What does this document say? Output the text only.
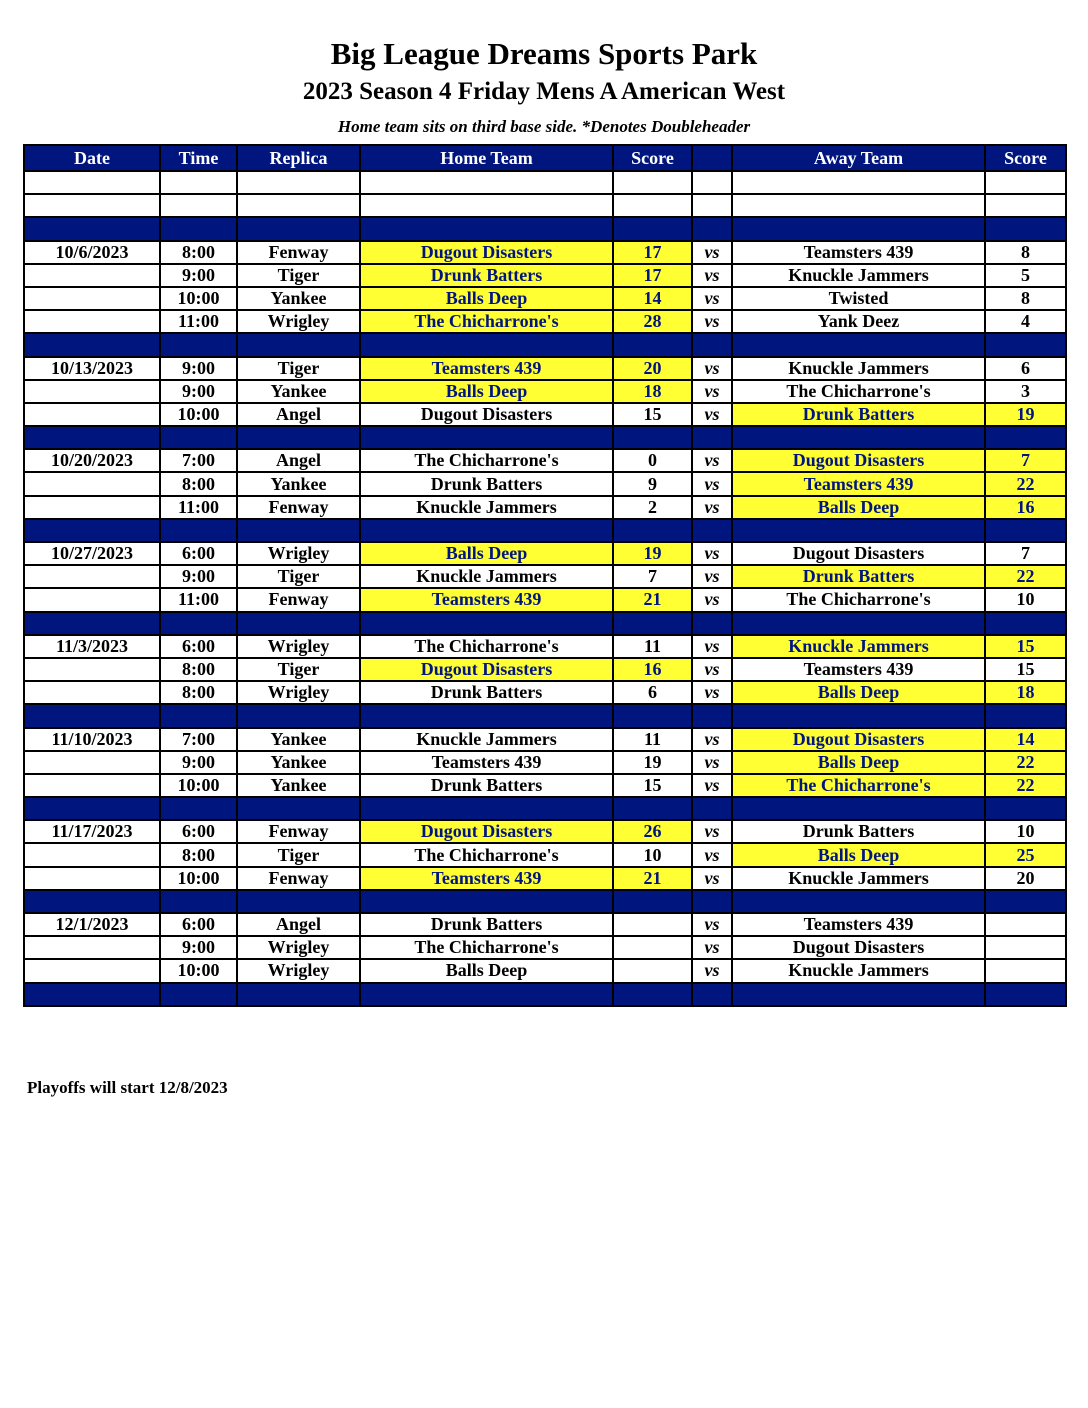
Big League Dreams Sports Park
2023 Season 4 Friday Mens A American West
Home team sits on third base side. *Denotes Doubleheader
Date	Time	Replica	Home Team	Score		Away Team	Score

10/6/2023	8:00	Fenway	Dugout Disasters	17	vs	Teamsters 439	8
	9:00	Tiger	Drunk Batters	17	vs	Knuckle Jammers	5
	10:00	Yankee	Balls Deep	14	vs	Twisted	8
	11:00	Wrigley	The Chicharrone's	28	vs	Yank Deez	4

10/13/2023	9:00	Tiger	Teamsters 439	20	vs	Knuckle Jammers	6
	9:00	Yankee	Balls Deep	18	vs	The Chicharrone's	3
	10:00	Angel	Dugout Disasters	15	vs	Drunk Batters	19

10/20/2023	7:00	Angel	The Chicharrone's	0	vs	Dugout Disasters	7
	8:00	Yankee	Drunk Batters	9	vs	Teamsters 439	22
	11:00	Fenway	Knuckle Jammers	2	vs	Balls Deep	16

10/27/2023	6:00	Wrigley	Balls Deep	19	vs	Dugout Disasters	7
	9:00	Tiger	Knuckle Jammers	7	vs	Drunk Batters	22
	11:00	Fenway	Teamsters 439	21	vs	The Chicharrone's	10

11/3/2023	6:00	Wrigley	The Chicharrone's	11	vs	Knuckle Jammers	15
	8:00	Tiger	Dugout Disasters	16	vs	Teamsters 439	15
	8:00	Wrigley	Drunk Batters	6	vs	Balls Deep	18

11/10/2023	7:00	Yankee	Knuckle Jammers	11	vs	Dugout Disasters	14
	9:00	Yankee	Teamsters 439	19	vs	Balls Deep	22
	10:00	Yankee	Drunk Batters	15	vs	The Chicharrone's	22

11/17/2023	6:00	Fenway	Dugout Disasters	26	vs	Drunk Batters	10
	8:00	Tiger	The Chicharrone's	10	vs	Balls Deep	25
	10:00	Fenway	Teamsters 439	21	vs	Knuckle Jammers	20

12/1/2023	6:00	Angel	Drunk Batters		vs	Teamsters 439	
	9:00	Wrigley	The Chicharrone's		vs	Dugout Disasters	
	10:00	Wrigley	Balls Deep		vs	Knuckle Jammers	

Playoffs will start 12/8/2023
